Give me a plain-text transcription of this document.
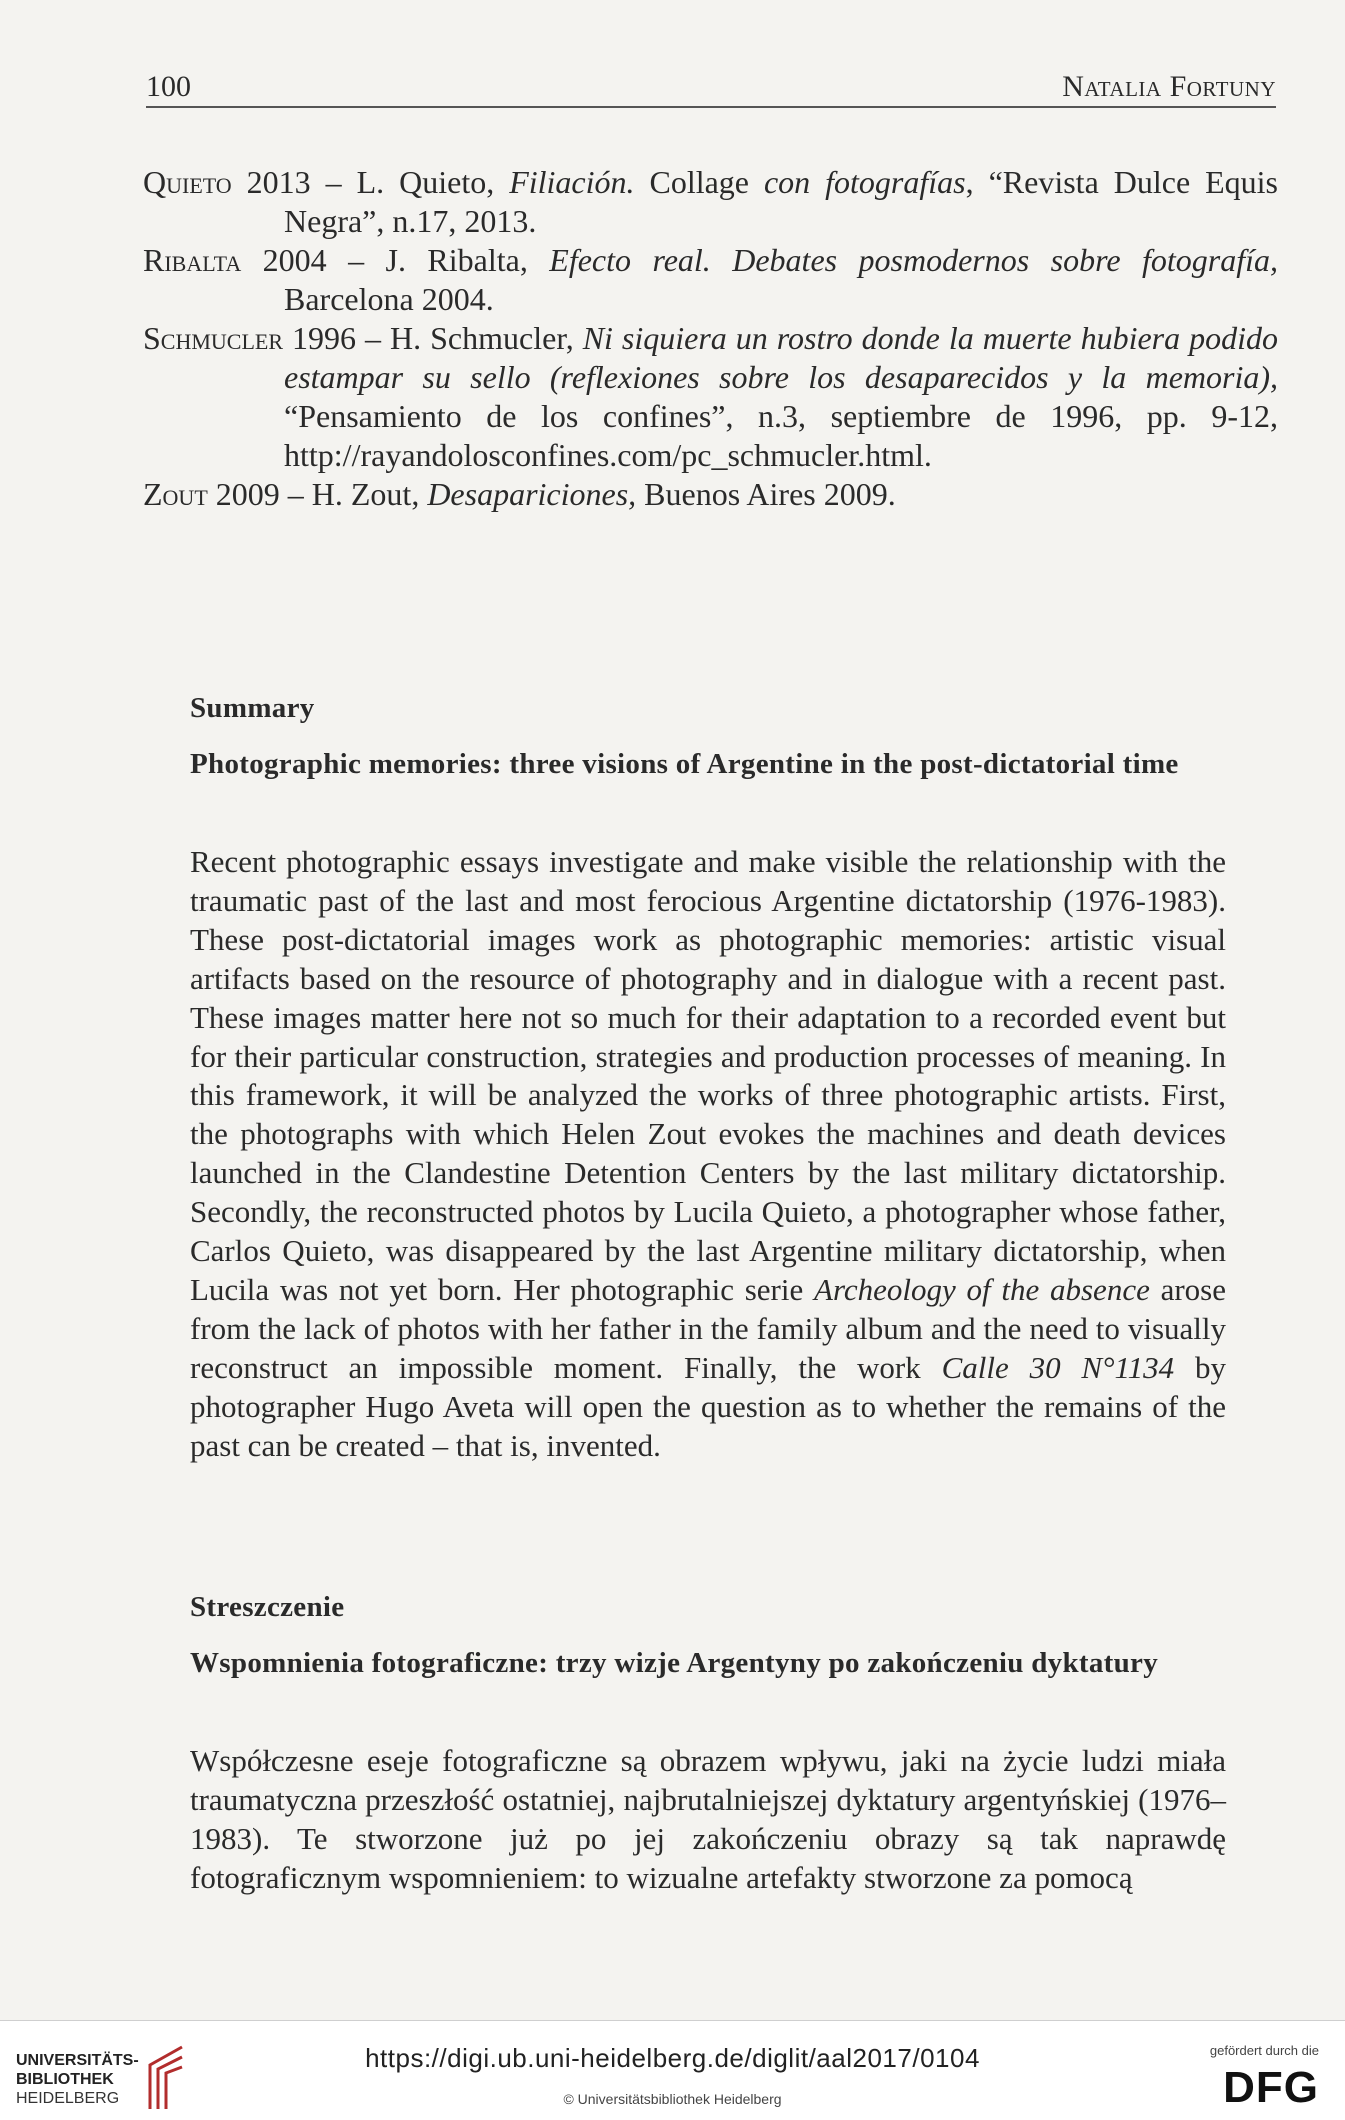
100	Natalia Fortuny
Quieto 2013 – L. Quieto, Filiación. Collage con fotografías, “Revista Dulce Equis Negra”, n.17, 2013.
Ribalta 2004 – J. Ribalta, Efecto real. Debates posmodernos sobre fotografía, Barcelona 2004.
Schmucler 1996 – H. Schmucler, Ni siquiera un rostro donde la muerte hubiera podido estampar su sello (reflexiones sobre los desaparecidos y la memoria), “Pensamiento de los confines”, n.3, septiembre de 1996, pp. 9-12, http://rayandolosconfines.com/pc_schmucler.html.
Zout 2009 – H. Zout, Desapariciones, Buenos Aires 2009.
Summary
Photographic memories: three visions of Argentine in the post-dictatorial time
Recent photographic essays investigate and make visible the relationship with the traumatic past of the last and most ferocious Argentine dictatorship (1976-1983). These post-dictatorial images work as photographic memories: artistic visual artifacts based on the resource of photography and in dialogue with a recent past. These images matter here not so much for their adaptation to a recorded event but for their particular construction, strategies and production processes of meaning. In this framework, it will be analyzed the works of three photographic artists. First, the photographs with which Helen Zout evokes the machines and death devices launched in the Clandestine Detention Centers by the last military dictatorship. Secondly, the reconstructed photos by Lucila Quieto, a photographer whose father, Carlos Quieto, was disappeared by the last Argentine military dictatorship, when Lucila was not yet born. Her photographic serie Archeology of the absence arose from the lack of photos with her father in the family album and the need to visually reconstruct an impossible moment. Finally, the work Calle 30 N°1134 by photographer Hugo Aveta will open the question as to whether the remains of the past can be created – that is, invented.
Streszczenie
Wspomnienia fotograficzne: trzy wizje Argentyny po zakończeniu dyktatury
Współczesne eseje fotograficzne są obrazem wpływu, jaki na życie ludzi miała traumatyczna przeszłość ostatniej, najbrutalniejszej dyktatury argentyńskiej (1976–1983). Te stworzone już po jej zakończeniu obrazy są tak naprawdę fotograficznym wspomnieniem: to wizualne artefakty stworzone za pomocą
UNIVERSITÄTS-
BIBLIOTHEK
HEIDELBERG
https://digi.ub.uni-heidelberg.de/diglit/aal2017/0104
© Universitätsbibliothek Heidelberg
gefördert durch die
DFG
